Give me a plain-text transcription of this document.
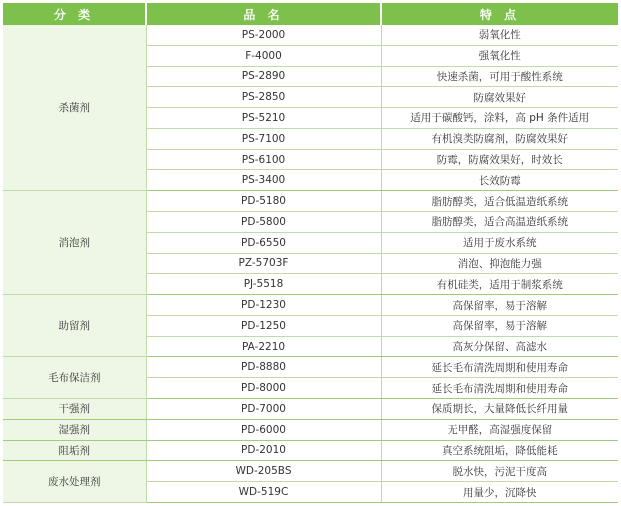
分 类	品 名	特 点
杀菌剂	PS-2000	弱氧化性
	F-4000	强氧化性
	PS-2890	快速杀菌，可用于酸性系统
	PS-2850	防腐效果好
	PS-5210	适用于碳酸钙，涂料，高 pH 条件适用
	PS-7100	有机溴类防腐剂，防腐效果好
	PS-6100	防霉，防腐效果好，时效长
	PS-3400	长效防霉
消泡剂	PD-5180	脂肪醇类，适合低温造纸系统
	PD-5800	脂肪醇类，适合高温造纸系统
	PD-6550	适用于废水系统
	PZ-5703F	消泡、抑泡能力强
	PJ-5518	有机硅类，适用于制浆系统
助留剂	PD-1230	高保留率，易于溶解
	PD-1250	高保留率，易于溶解
	PA-2210	高灰分保留、高滤水
毛布保洁剂	PD-8880	延长毛布清洗周期和使用寿命
	PD-8000	延长毛布清洗周期和使用寿命
干强剂	PD-7000	保质期长，大量降低长纤用量
湿强剂	PD-6000	无甲醛，高湿强度保留
阻垢剂	PD-2010	真空系统阻垢，降低能耗
废水处理剂	WD-205BS	脱水快，污泥干度高
	WD-519C	用量少，沉降快
